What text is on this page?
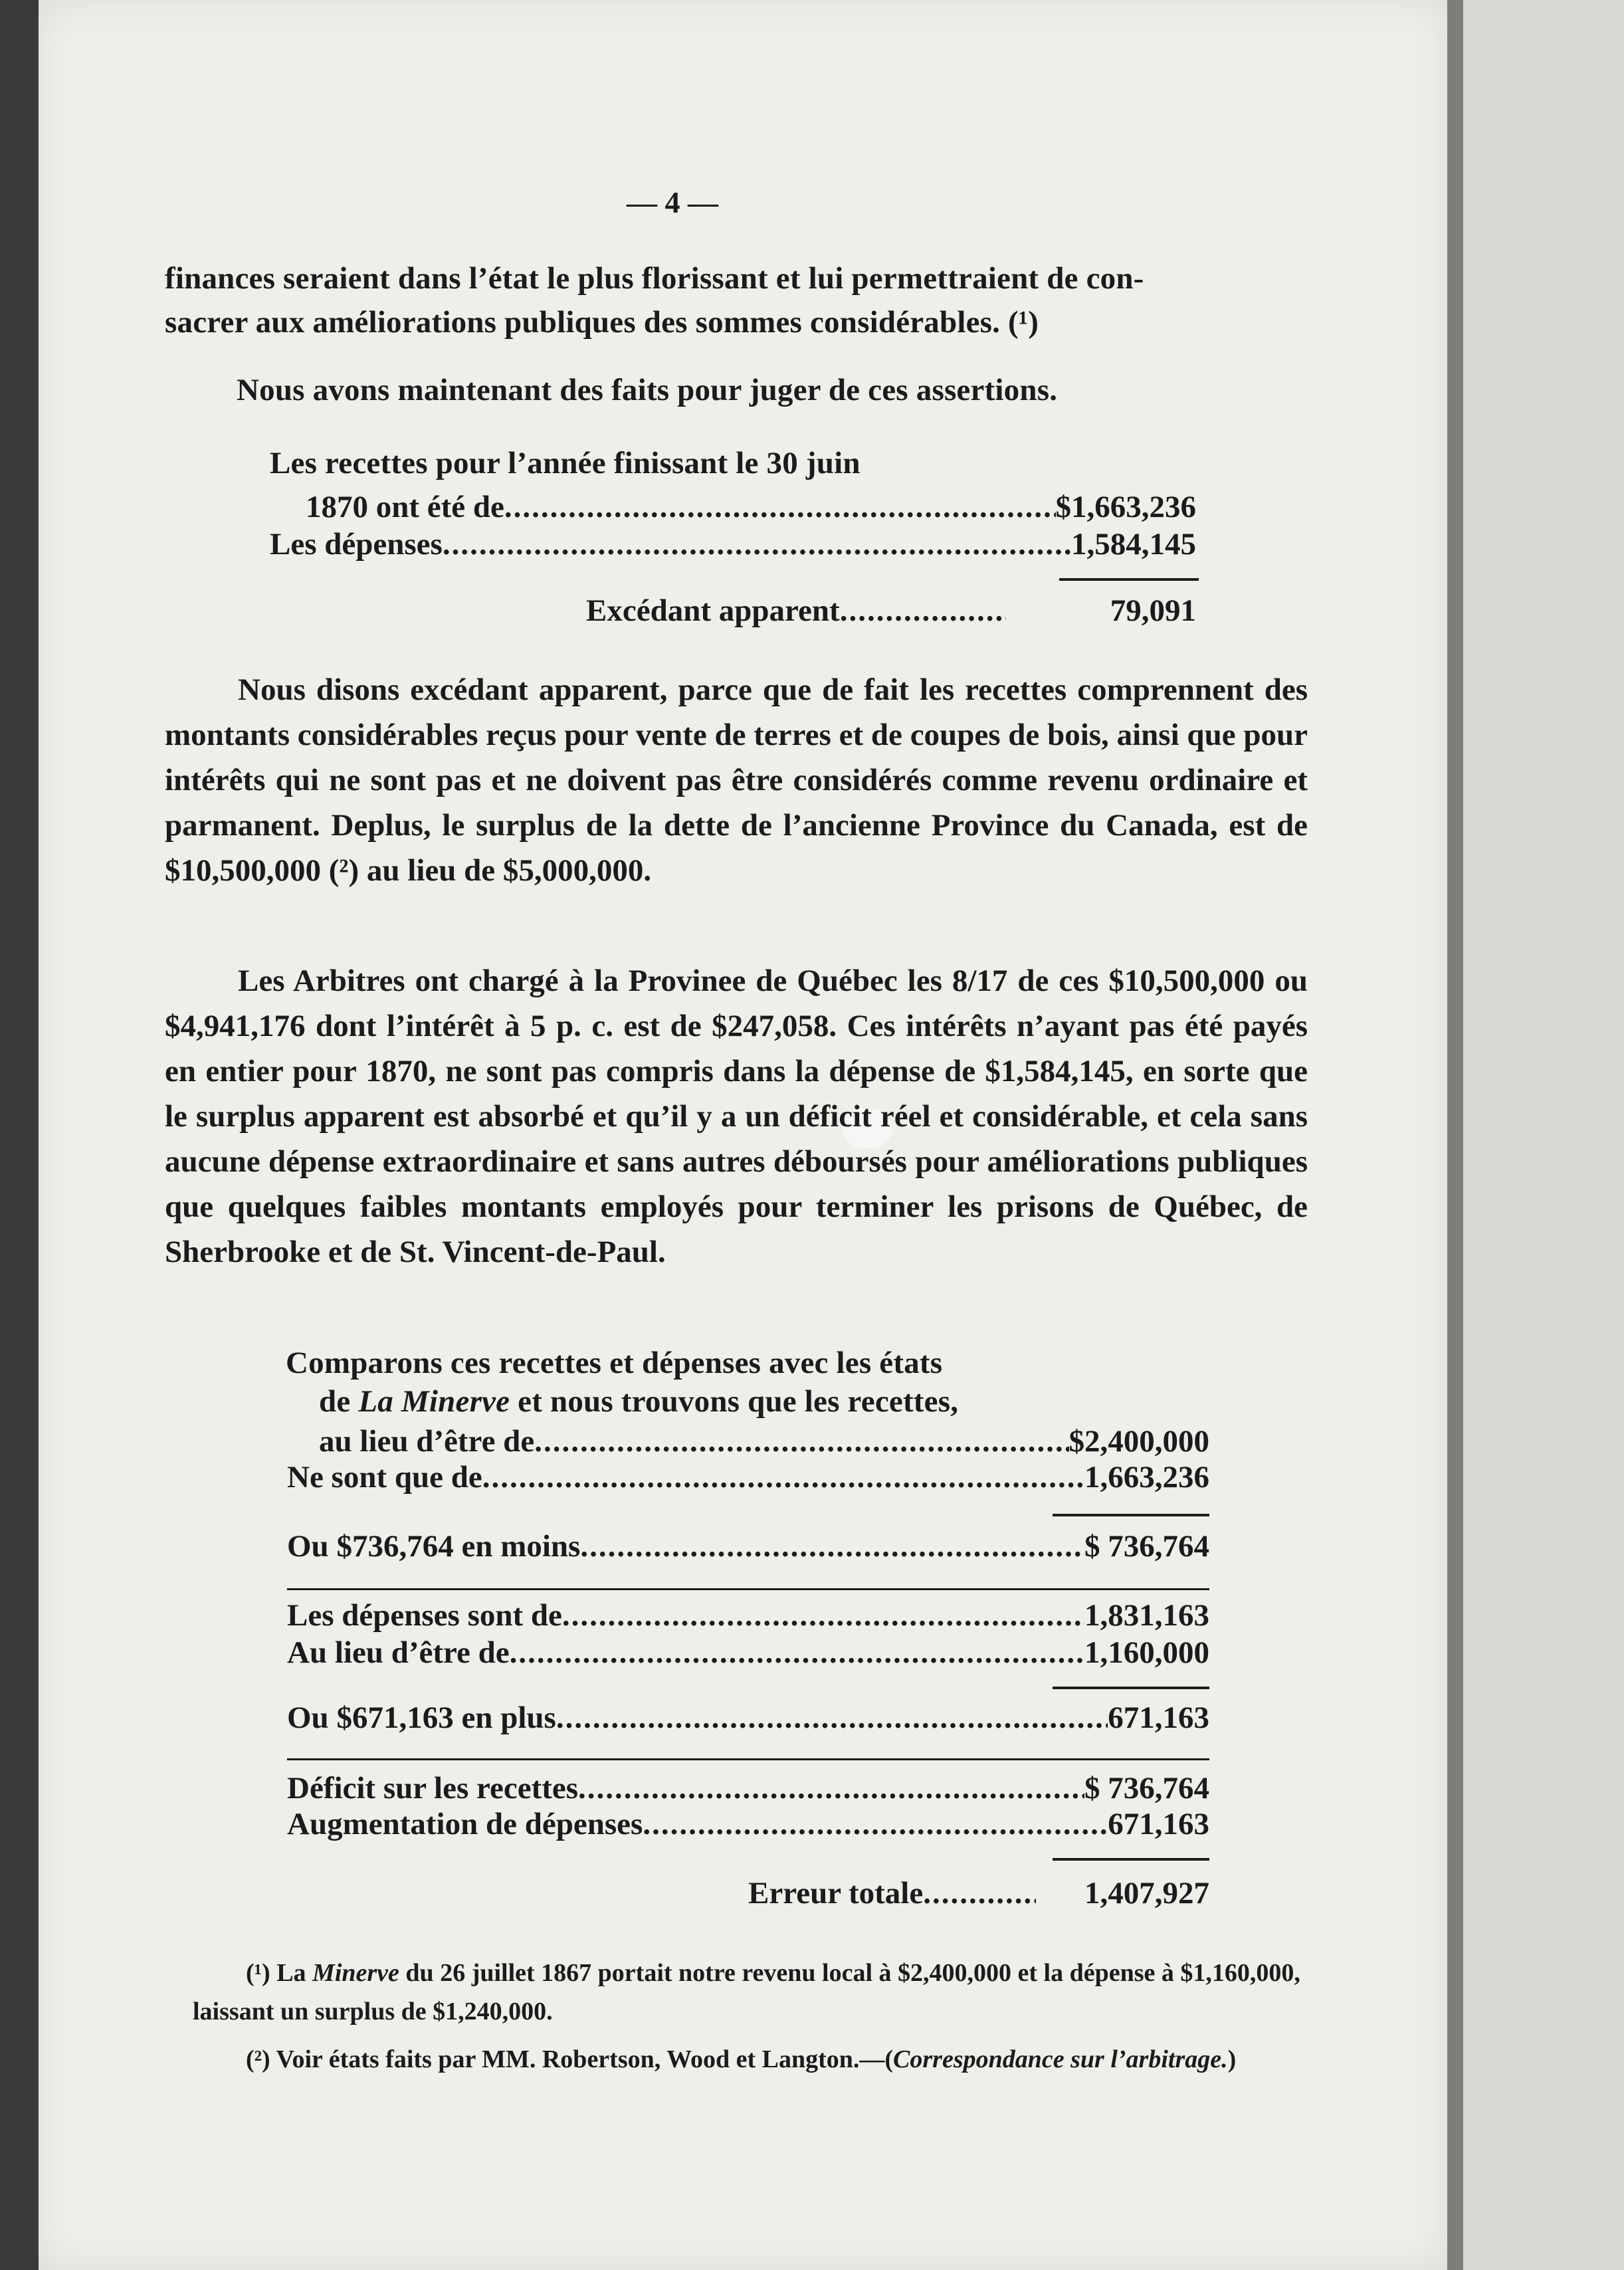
— 4 —
finances seraient dans l’état le plus florissant et lui permettraient de con-
sacrer aux améliorations publiques des sommes considérables. (¹)
Nous avons maintenant des faits pour juger de ces assertions.
Les recettes pour l’année finissant le 30 juin
1870 ont été de .....	$1,663,236
Les dépenses .....	1,584,145
Excédant apparent .....	79,091
Nous disons excédant apparent, parce que de fait les recettes comprennent des montants considérables reçus pour vente de terres et de coupes de bois, ainsi que pour intérêts qui ne sont pas et ne doivent pas être considérés comme revenu ordinaire et parmanent. Deplus, le surplus de la dette de l’ancienne Province du Canada, est de $10,500,000 (²) au lieu de $5,000,000.
Les Arbitres ont chargé à la Provinee de Québec les 8/17 de ces $10,500,000 ou $4,941,176 dont l’intérêt à 5 p. c. est de $247,058. Ces intérêts n’ayant pas été payés en entier pour 1870, ne sont pas compris dans la dépense de $1,584,145, en sorte que le surplus apparent est absorbé et qu’il y a un déficit réel et considérable, et cela sans aucune dépense extraordinaire et sans autres déboursés pour améliorations publiques que quelques faibles montants employés pour terminer les prisons de Québec, de Sherbrooke et de St. Vincent-de-Paul.
Comparons ces recettes et dépenses avec les états
de La Minerve et nous trouvons que les recettes,
au lieu d’être de .....	$2,400,000
Ne sont que de .....	1,663,236
Ou $736,764 en moins .....	$ 736,764
Les dépenses sont de .....	1,831,163
Au lieu d’être de .....	1,160,000
Ou $671,163 en plus .....	671,163
Déficit sur les recettes .....	$ 736,764
Augmentation de dépenses .....	671,163
Erreur totale .....	1,407,927
(¹) La Minerve du 26 juillet 1867 portait notre revenu local à $2,400,000 et la dépense à $1,160,000, laissant un surplus de $1,240,000.
(²) Voir états faits par MM. Robertson, Wood et Langton.—(Correspondance sur l’arbitrage.)
